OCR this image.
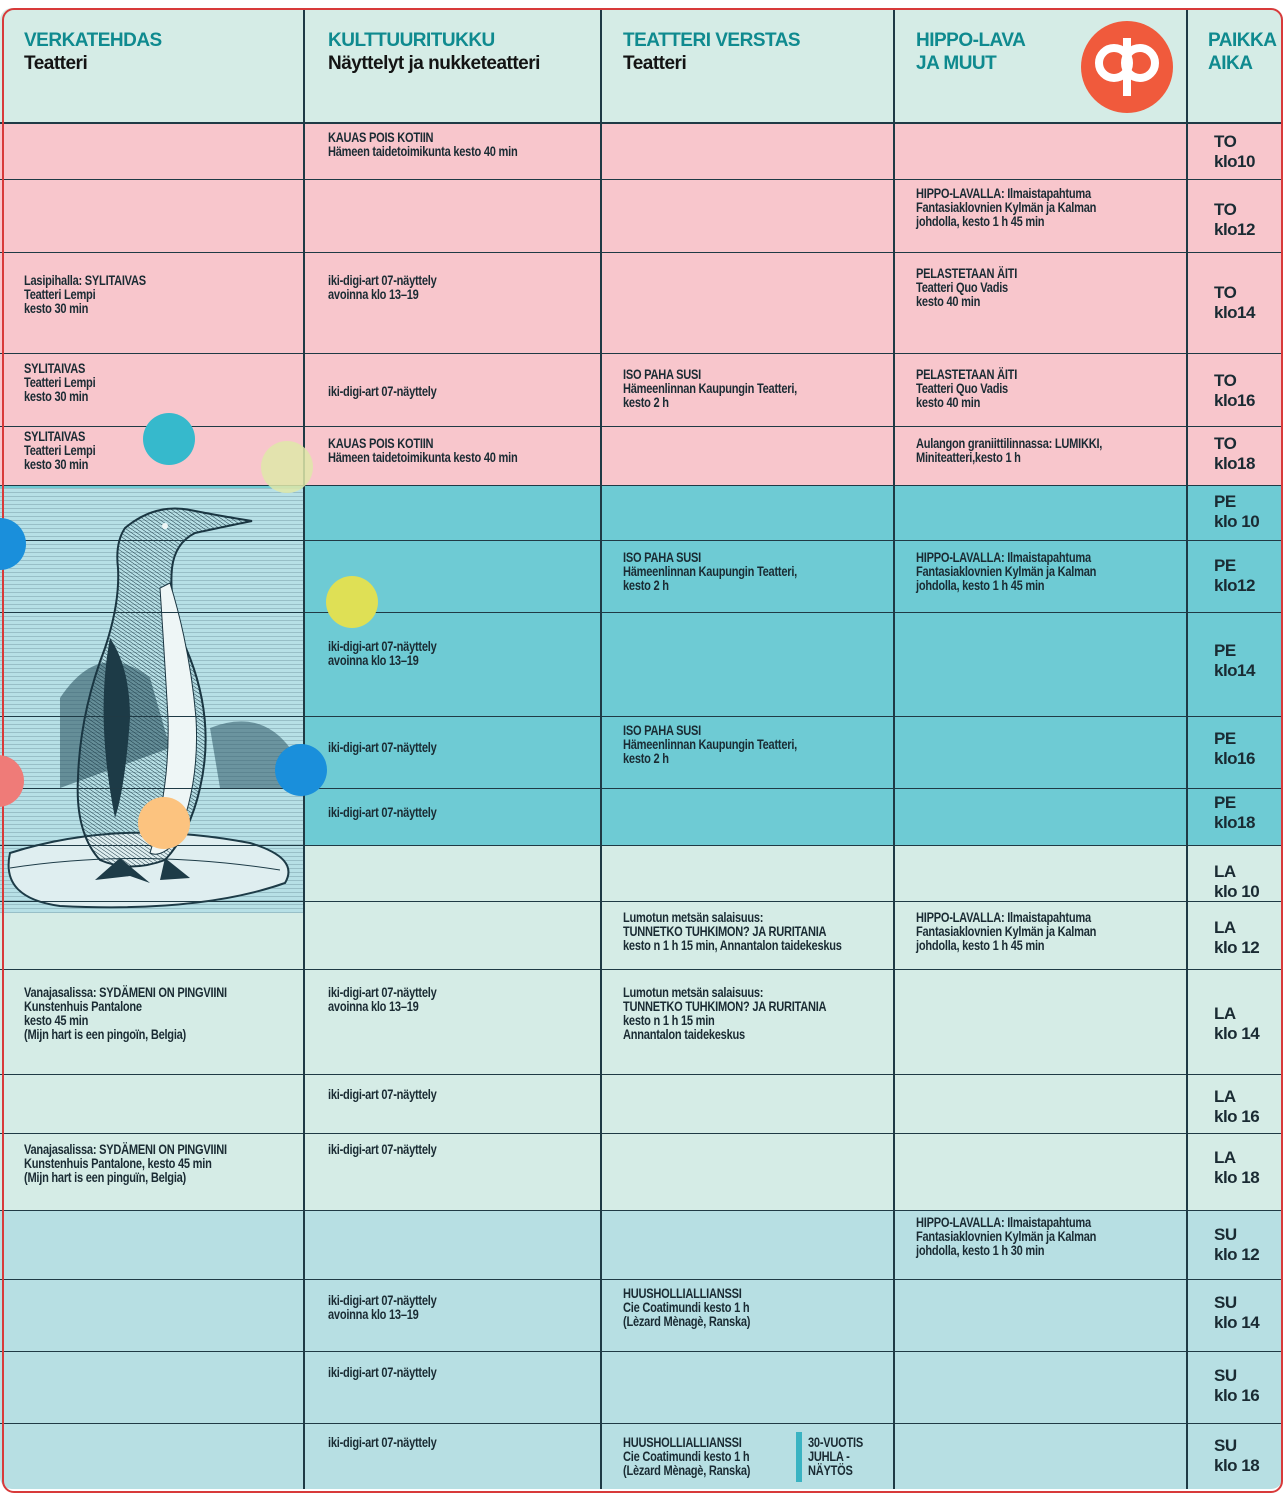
VERKATEHDAS
Teatteri
KULTTUURITUKKU
Näyttelyt ja nukketeatteri
TEATTERI VERSTAS
Teatteri
HIPPO-LAVA
JA MUUT
PAIKKA
AIKA
TO
klo10
TO
klo12
TO
klo14
TO
klo16
TO
klo18
PE
klo 10
PE
klo12
PE
klo14
PE
klo16
PE
klo18
LA
klo 10
LA
klo 12
LA
klo 14
LA
klo 16
LA
klo 18
SU
klo 12
SU
klo 14
SU
klo 16
SU
klo 18
KAUAS POIS KOTIIN
Hämeen taidetoimikunta kesto 40 min
HIPPO-LAVALLA: Ilmaistapahtuma
Fantasiaklovnien Kylmän ja Kalman
johdolla, kesto 1 h 45 min
Lasipihalla: SYLITAIVAS
Teatteri Lempi
kesto 30 min
iki-digi-art 07-näyttely
avoinna klo 13–19
PELASTETAAN ÄITI
Teatteri Quo Vadis
kesto 40 min
SYLITAIVAS
Teatteri Lempi
kesto 30 min	iki-digi-art 07-näyttely
ISO PAHA SUSI
Hämeenlinnan Kaupungin Teatteri,
kesto 2 h
PELASTETAAN ÄITI
Teatteri Quo Vadis
kesto 40 min
SYLITAIVAS
Teatteri Lempi
kesto 30 min
KAUAS POIS KOTIIN
Hämeen taidetoimikunta kesto 40 min
Aulangon graniittilinnassa: LUMIKKI,
Miniteatteri,kesto 1 h
ISO PAHA SUSI
Hämeenlinnan Kaupungin Teatteri,
kesto 2 h
HIPPO-LAVALLA: Ilmaistapahtuma
Fantasiaklovnien Kylmän ja Kalman
johdolla, kesto 1 h 45 min
iki-digi-art 07-näyttely
avoinna klo 13–19
iki-digi-art 07-näyttely
ISO PAHA SUSI
Hämeenlinnan Kaupungin Teatteri,
kesto 2 h
iki-digi-art 07-näyttely
Lumotun metsän salaisuus:
TUNNETKO TUHKIMON? JA RURITANIA
kesto n 1 h 15 min, Annantalon taidekeskus
HIPPO-LAVALLA: Ilmaistapahtuma
Fantasiaklovnien Kylmän ja Kalman
johdolla, kesto 1 h 45 min
Vanajasalissa: SYDÄMENI ON PINGVIINI
Kunstenhuis Pantalone
kesto 45 min
(Mijn hart is een pingoïn, Belgia)
iki-digi-art 07-näyttely
avoinna klo 13–19
Lumotun metsän salaisuus:
TUNNETKO TUHKIMON? JA RURITANIA
kesto n 1 h 15 min
Annantalon taidekeskus
iki-digi-art 07-näyttely
Vanajasalissa: SYDÄMENI ON PINGVIINI
Kunstenhuis Pantalone, kesto 45 min
(Mijn hart is een pinguïn, Belgia)
iki-digi-art 07-näyttely
HIPPO-LAVALLA: Ilmaistapahtuma
Fantasiaklovnien Kylmän ja Kalman
johdolla, kesto 1 h 30 min
iki-digi-art 07-näyttely
avoinna klo 13–19
HUUSHOLLIALLIANSSI
Cie Coatimundi kesto 1 h
(Lèzard Mènagè, Ranska)
iki-digi-art 07-näyttely
iki-digi-art 07-näyttely	HUUSHOLLIALLIANSSI
Cie Coatimundi kesto 1 h
(Lèzard Mènagè, Ranska)
30-VUOTIS
JUHLA -
NÄYTÖS
